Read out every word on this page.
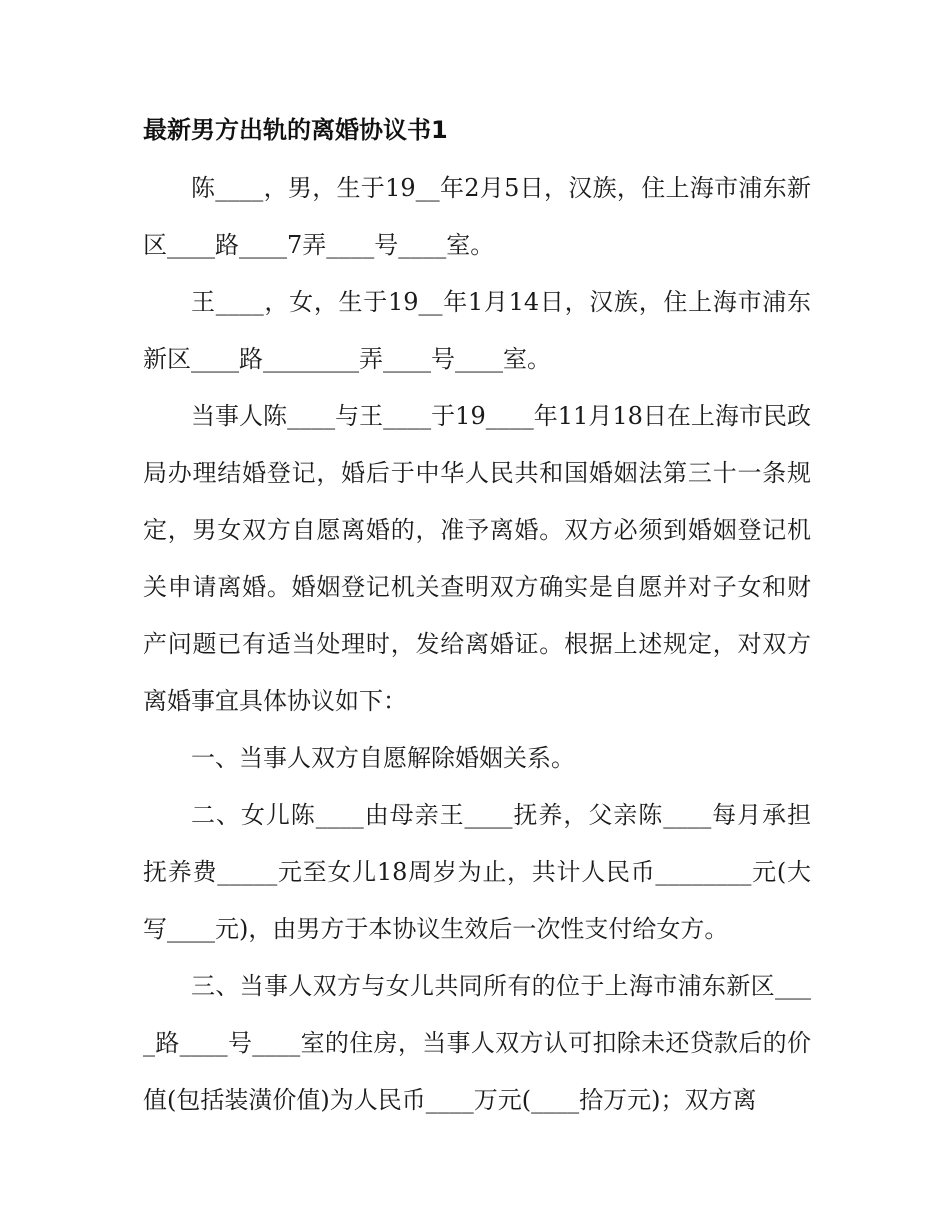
最新男方出轨的离婚协议书1

陈____，男，生于19__年2月5日，汉族，住上海市浦东新区____路____7弄____号____室。

王____，女，生于19__年1月14日，汉族，住上海市浦东新区____路________弄____号____室。

当事人陈____与王____于19____年11月18日在上海市民政局办理结婚登记，婚后于中华人民共和国婚姻法第三十一条规定，男女双方自愿离婚的，准予离婚。双方必须到婚姻登记机关申请离婚。婚姻登记机关查明双方确实是自愿并对子女和财产问题已有适当处理时，发给离婚证。根据上述规定，对双方离婚事宜具体协议如下：

一、当事人双方自愿解除婚姻关系。

二、女儿陈____由母亲王____抚养，父亲陈____每月承担抚养费_____元至女儿18周岁为止，共计人民币________元(大写____元)，由男方于本协议生效后一次性支付给女方。

三、当事人双方与女儿共同所有的位于上海市浦东新区____路____号____室的住房，当事人双方认可扣除未还贷款后的价值(包括装潢价值)为人民币____万元(____拾万元)；双方离
